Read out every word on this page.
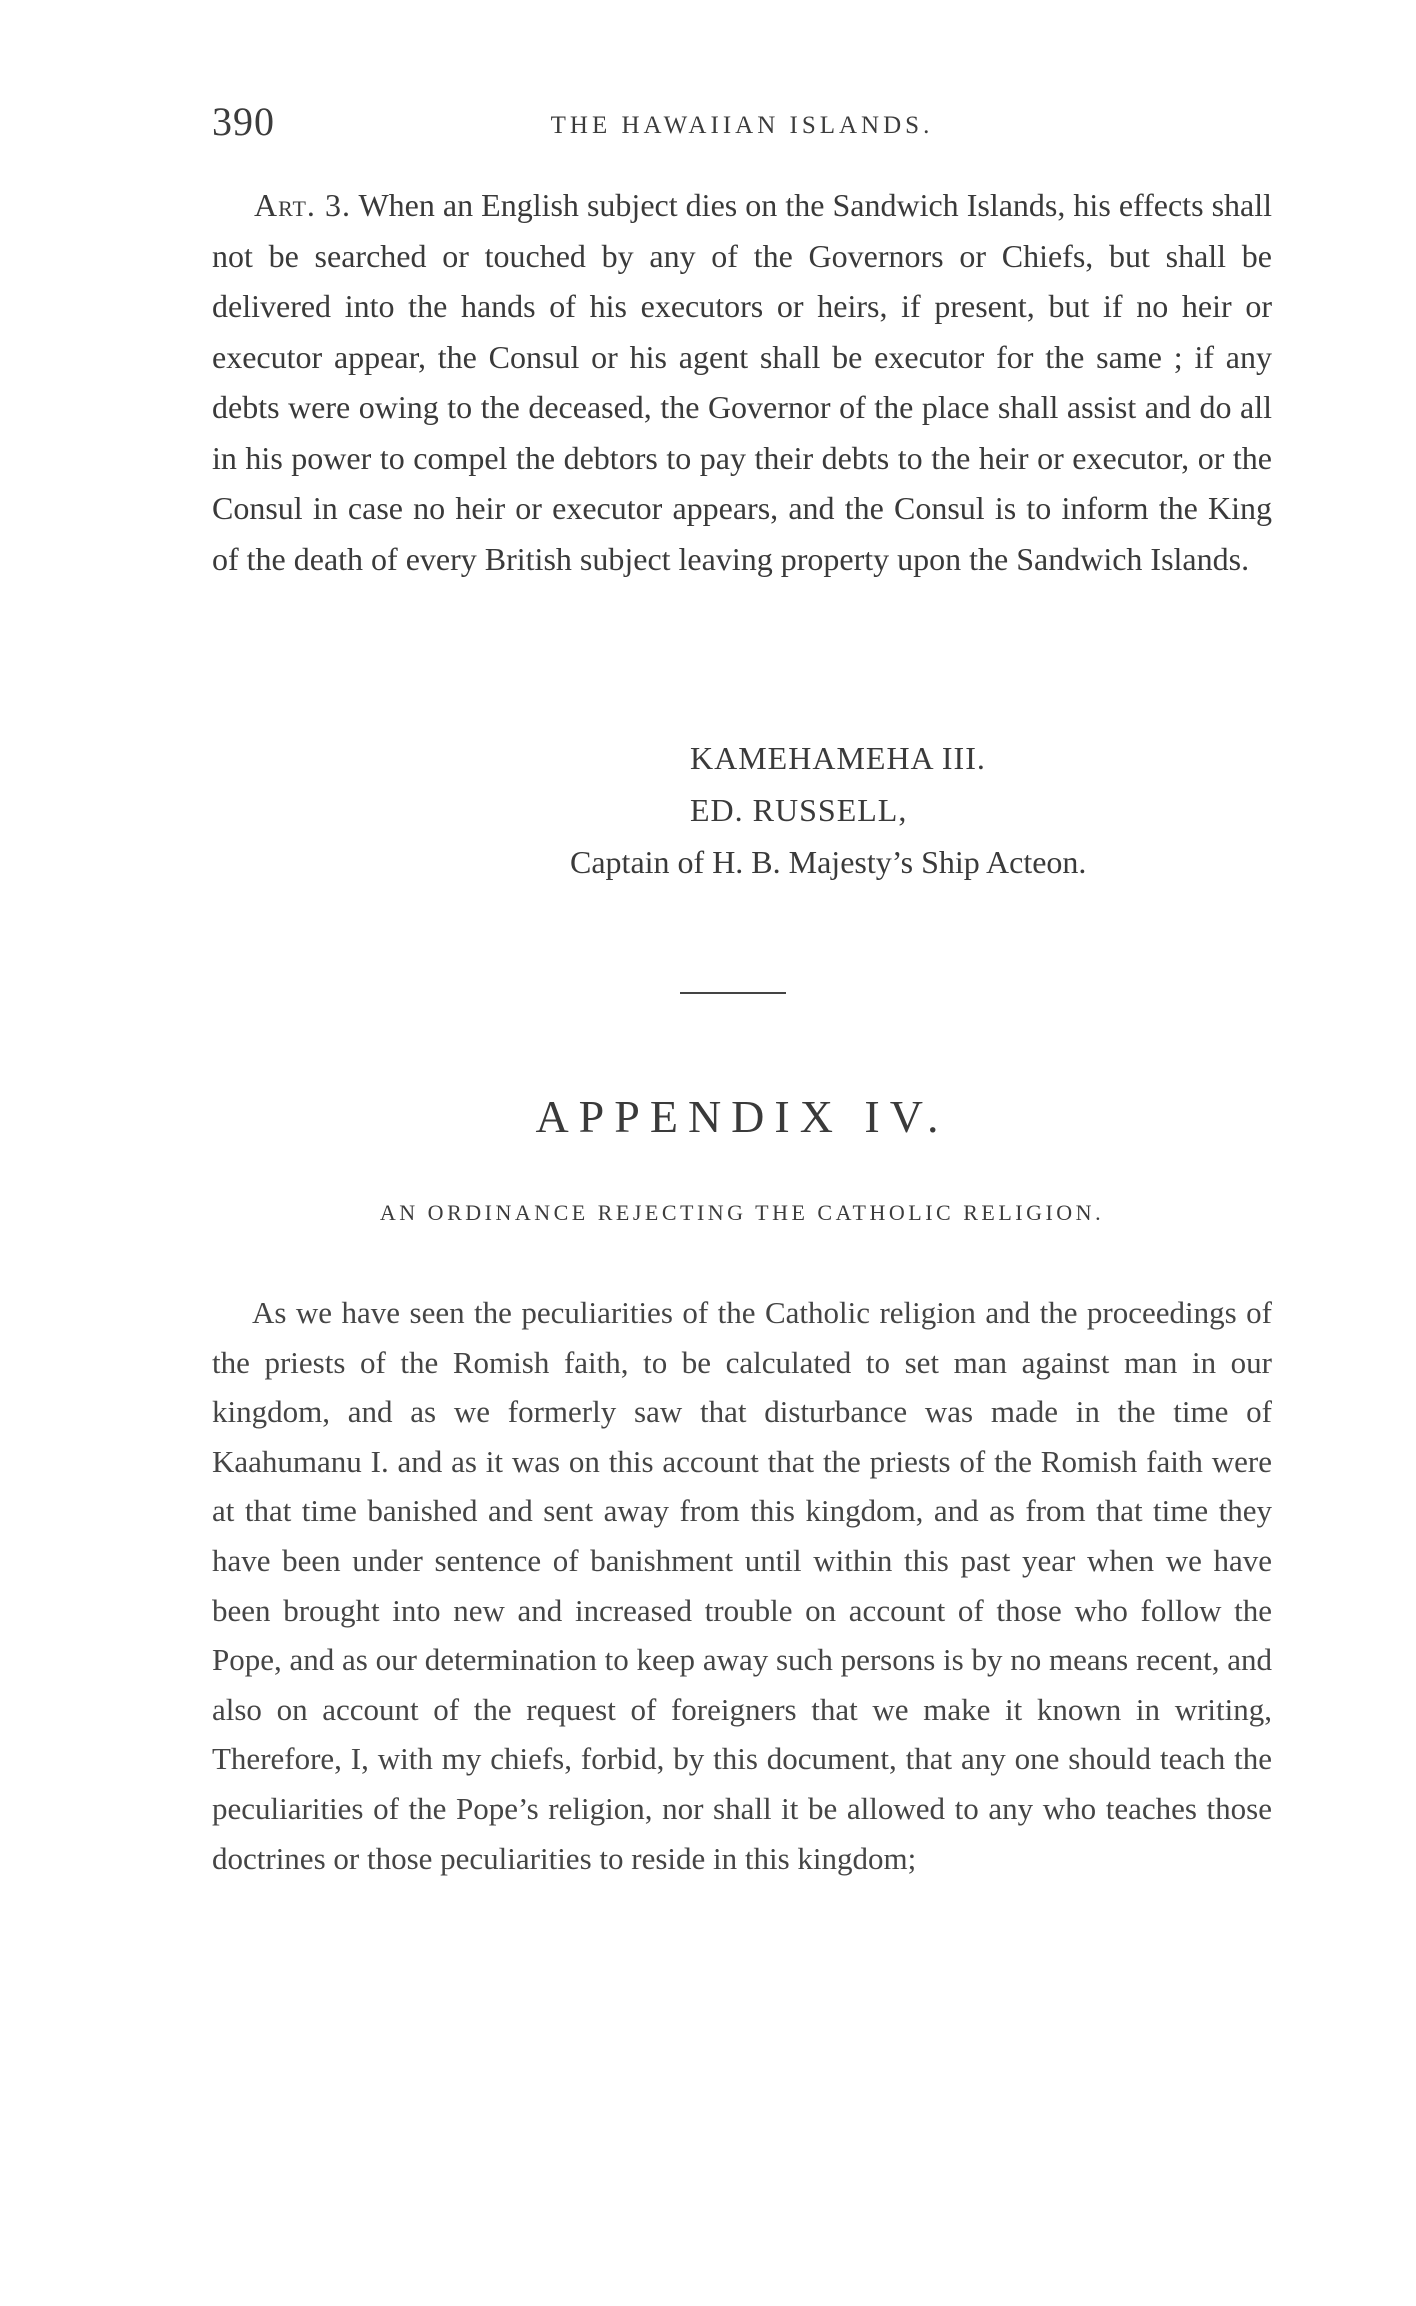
390	THE HAWAIIAN ISLANDS.

Art. 3. When an English subject dies on the Sandwich Islands, his effects shall not be searched or touched by any of the Governors or Chiefs, but shall be delivered into the hands of his executors or heirs, if present, but if no heir or executor appear, the Consul or his agent shall be executor for the same ; if any debts were owing to the deceased, the Governor of the place shall assist and do all in his power to compel the debtors to pay their debts to the heir or executor, or the Consul in case no heir or executor appears, and the Consul is to inform the King of the death of every British subject leaving property upon the Sandwich Islands.

KAMEHAMEHA III.
ED. RUSSELL,
Captain of H. B. Majesty’s Ship Acteon.
APPENDIX IV.
AN ORDINANCE REJECTING THE CATHOLIC RELIGION.

As we have seen the peculiarities of the Catholic religion and the proceedings of the priests of the Romish faith, to be calculated to set man against man in our kingdom, and as we formerly saw that disturbance was made in the time of Kaahumanu I. and as it was on this account that the priests of the Romish faith were at that time banished and sent away from this kingdom, and as from that time they have been under sentence of banishment until within this past year when we have been brought into new and increased trouble on account of those who follow the Pope, and as our determination to keep away such persons is by no means recent, and also on account of the request of foreigners that we make it known in writing, Therefore, I, with my chiefs, forbid, by this document, that any one should teach the peculiarities of the Pope’s religion, nor shall it be allowed to any who teaches those doctrines or those peculiarities to reside in this kingdom;
